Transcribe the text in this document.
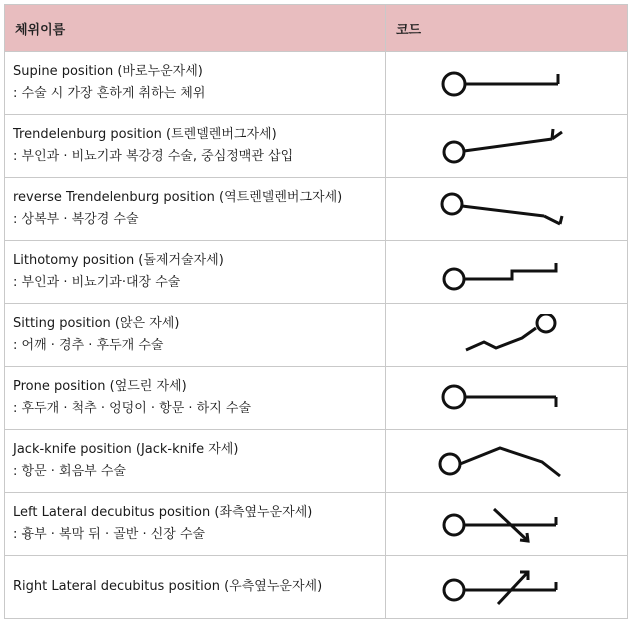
체위이름	코드

Supine position (바로누운자세)
: 수술 시 가장 흔하게 취하는 체위

Trendelenburg position (트렌델렌버그자세)
: 부인과 · 비뇨기과 복강경 수술, 중심정맥관 삽입

reverse Trendelenburg position (역트렌델렌버그자세)
: 상복부 · 복강경 수술

Lithotomy position (돌제거술자세)
: 부인과 · 비뇨기과·대장 수술

Sitting position (앉은 자세)
: 어깨 · 경추 · 후두개 수술

Prone position (엎드린 자세)
: 후두개 · 척추 · 엉덩이 · 항문 · 하지 수술

Jack-knife position (Jack-knife 자세)
: 항문 · 회음부 수술

Left Lateral decubitus position (좌측옆누운자세)
: 흉부 · 복막 뒤 · 골반 · 신장 수술

Right Lateral decubitus position (우측옆누운자세)
